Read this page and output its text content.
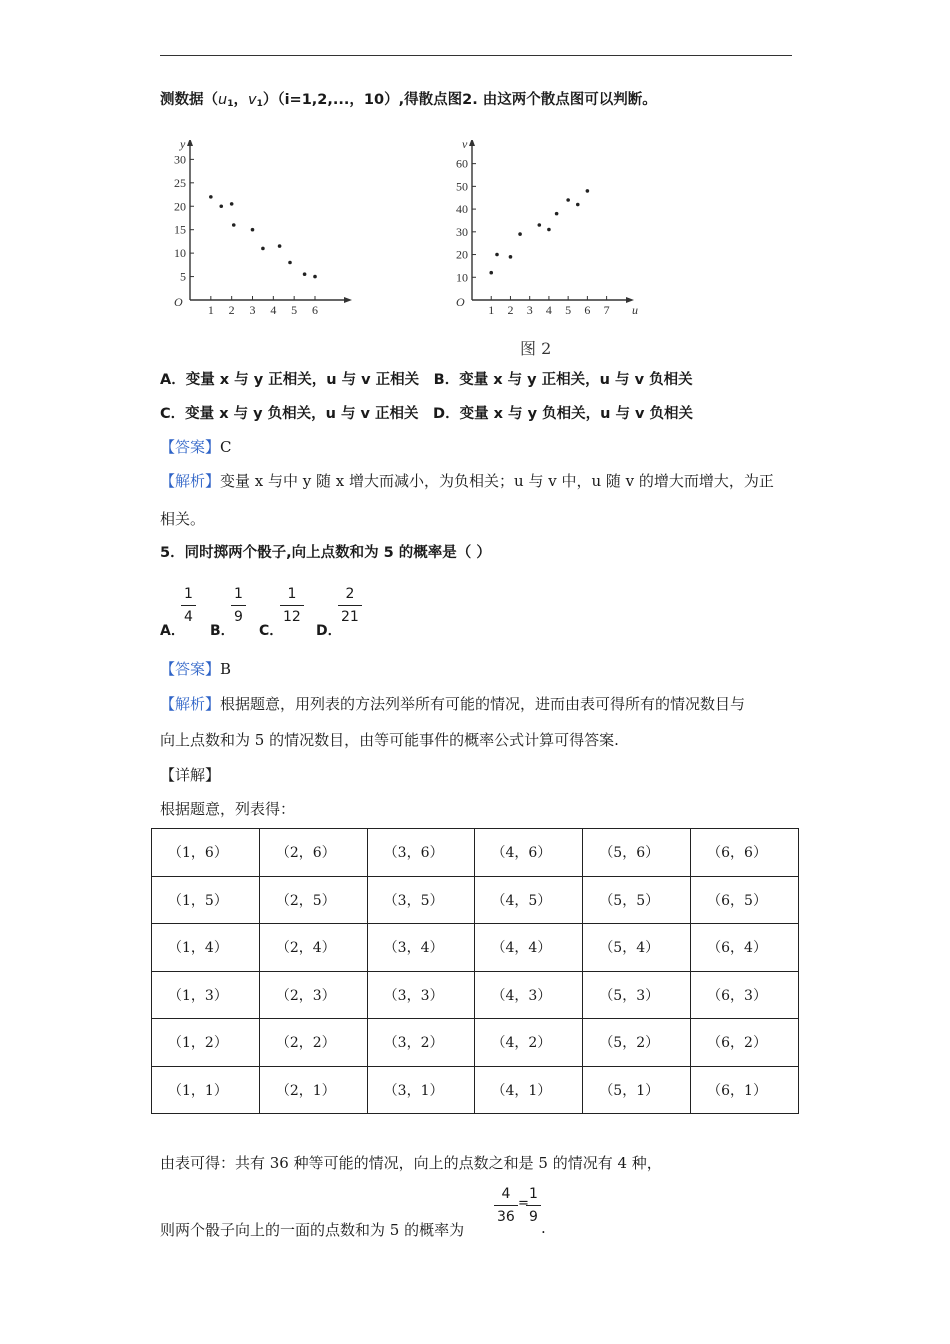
测数据（$u_1$，$v_1)(i=1,2$,...，10）,得散点图2. 由这两个散点图可以判断。
O
y
1 2 3 4 5 6
5
10
15
20
25
30
O
v
u
1 2 3 4 5 6 7
10
20
30
40
50
60
图 2
A．变量 x 与 y 正相关，u 与 v 正相关　B．变量 x 与 y 正相关，u 与 v 负相关
C．变量 x 与 y 负相关，u 与 v 正相关　D．变量 x 与 y 负相关，u 与 v 负相关
【答案】C
【解析】变量 x 与中 y 随 x 增大而减小，为负相关；u 与 v 中，u 随 v 的增大而增大，为正
相关。
5．同时掷两个骰子,向上点数和为 5 的概率是（ ）
A．
1
4
B．
1
9
C．
1
12
D．
2
21
【答案】B
【解析】根据题意，用列表的方法列举所有可能的情况，进而由表可得所有的情况数目与
向上点数和为 5 的情况数目，由等可能事件的概率公式计算可得答案.
【详解】
根据题意，列表得：
（1，6）	（2，6）	（3，6）	（4，6）	（5，6）	（6，6）
（1，5）	（2，5）	（3，5）	（4，5）	（5，5）	（6，5）
（1，4）	（2，4）	（3，4）	（4，4）	（5，4）	（6，4）
（1，3）	（2，3）	（3，3）	（4，3）	（5，3）	（6，3）
（1，2）	（2，2）	（3，2）	（4，2）	（5，2）	（6，2）
（1，1）	（2，1）	（3，1）	（4，1）	（5，1）	（6，1）
由表可得：共有 36 种等可能的情况，向上的点数之和是 5 的情况有 4 种，
则两个骰子向上的一面的点数和为 5 的概率为
4
36
=
1
9
.
